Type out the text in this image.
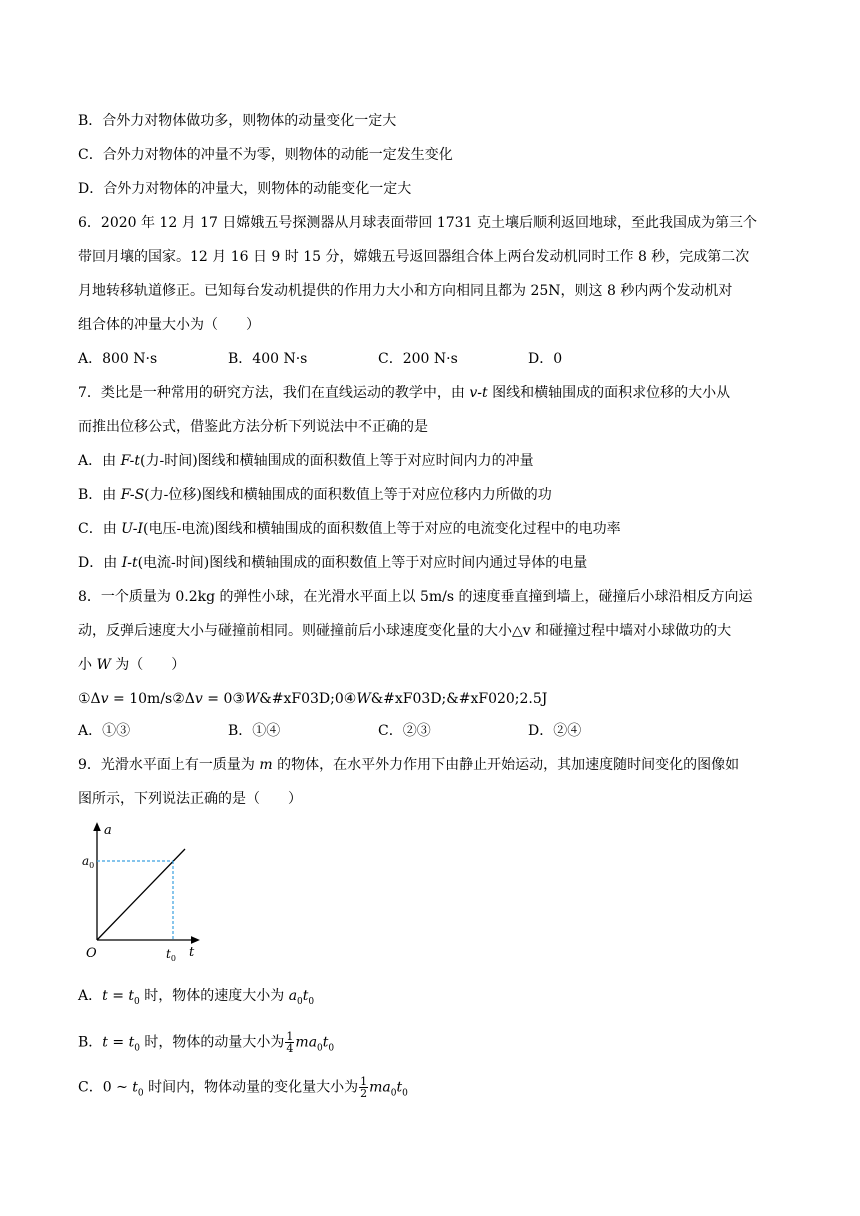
B．合外力对物体做功多，则物体的动量变化一定大
C．合外力对物体的冲量不为零，则物体的动能一定发生变化
D．合外力对物体的冲量大，则物体的动能变化一定大
6．2020 年 12 月 17 日嫦娥五号探测器从月球表面带回 1731 克土壤后顺利返回地球，至此我国成为第三个
带回月壤的国家。12 月 16 日 9 时 15 分，嫦娥五号返回器组合体上两台发动机同时工作 8 秒，完成第二次
月地转移轨道修正。已知每台发动机提供的作用力大小和方向相同且都为 25N，则这 8 秒内两个发动机对
组合体的冲量大小为（　　）
A．800 N·s	B．400 N·s	C．200 N·s	D．0
7．类比是一种常用的研究方法，我们在直线运动的教学中，由 v-t 图线和横轴围成的面积求位移的大小从
而推出位移公式，借鉴此方法分析下列说法中不正确的是
A．由 F-t(力-时间)图线和横轴围成的面积数值上等于对应时间内力的冲量
B．由 F-S(力-位移)图线和横轴围成的面积数值上等于对应位移内力所做的功
C．由 U-I(电压-电流)图线和横轴围成的面积数值上等于对应的电流变化过程中的电功率
D．由 I-t(电流-时间)图线和横轴围成的面积数值上等于对应时间内通过导体的电量
8．一个质量为 0.2kg 的弹性小球，在光滑水平面上以 5m/s 的速度垂直撞到墙上，碰撞后小球沿相反方向运
动，反弹后速度大小与碰撞前相同。则碰撞前后小球速度变化量的大小△v 和碰撞过程中墙对小球做功的大
小 W 为（　　）
①Δv = 10m/s②Δv = 0③W&#xF03D;0④W&#xF03D;&#xF020;2.5J
A．①③	B．①④	C．②③	D．②④
9．光滑水平面上有一质量为 m 的物体，在水平外力作用下由静止开始运动，其加速度随时间变化的图像如
图所示，下列说法正确的是（　　）
a
t
O
$a_0$
$t_0$
A．$t = t_0$ 时，物体的速度大小为 $a_0t_0$
B．$t = t_0$ 时，物体的动量大小为 $\frac{1}{4} ma_0t_0$
C．0 ~ $t_0$ 时间内，物体动量的变化量大小为 $\frac{1}{2} ma_0t_0$
